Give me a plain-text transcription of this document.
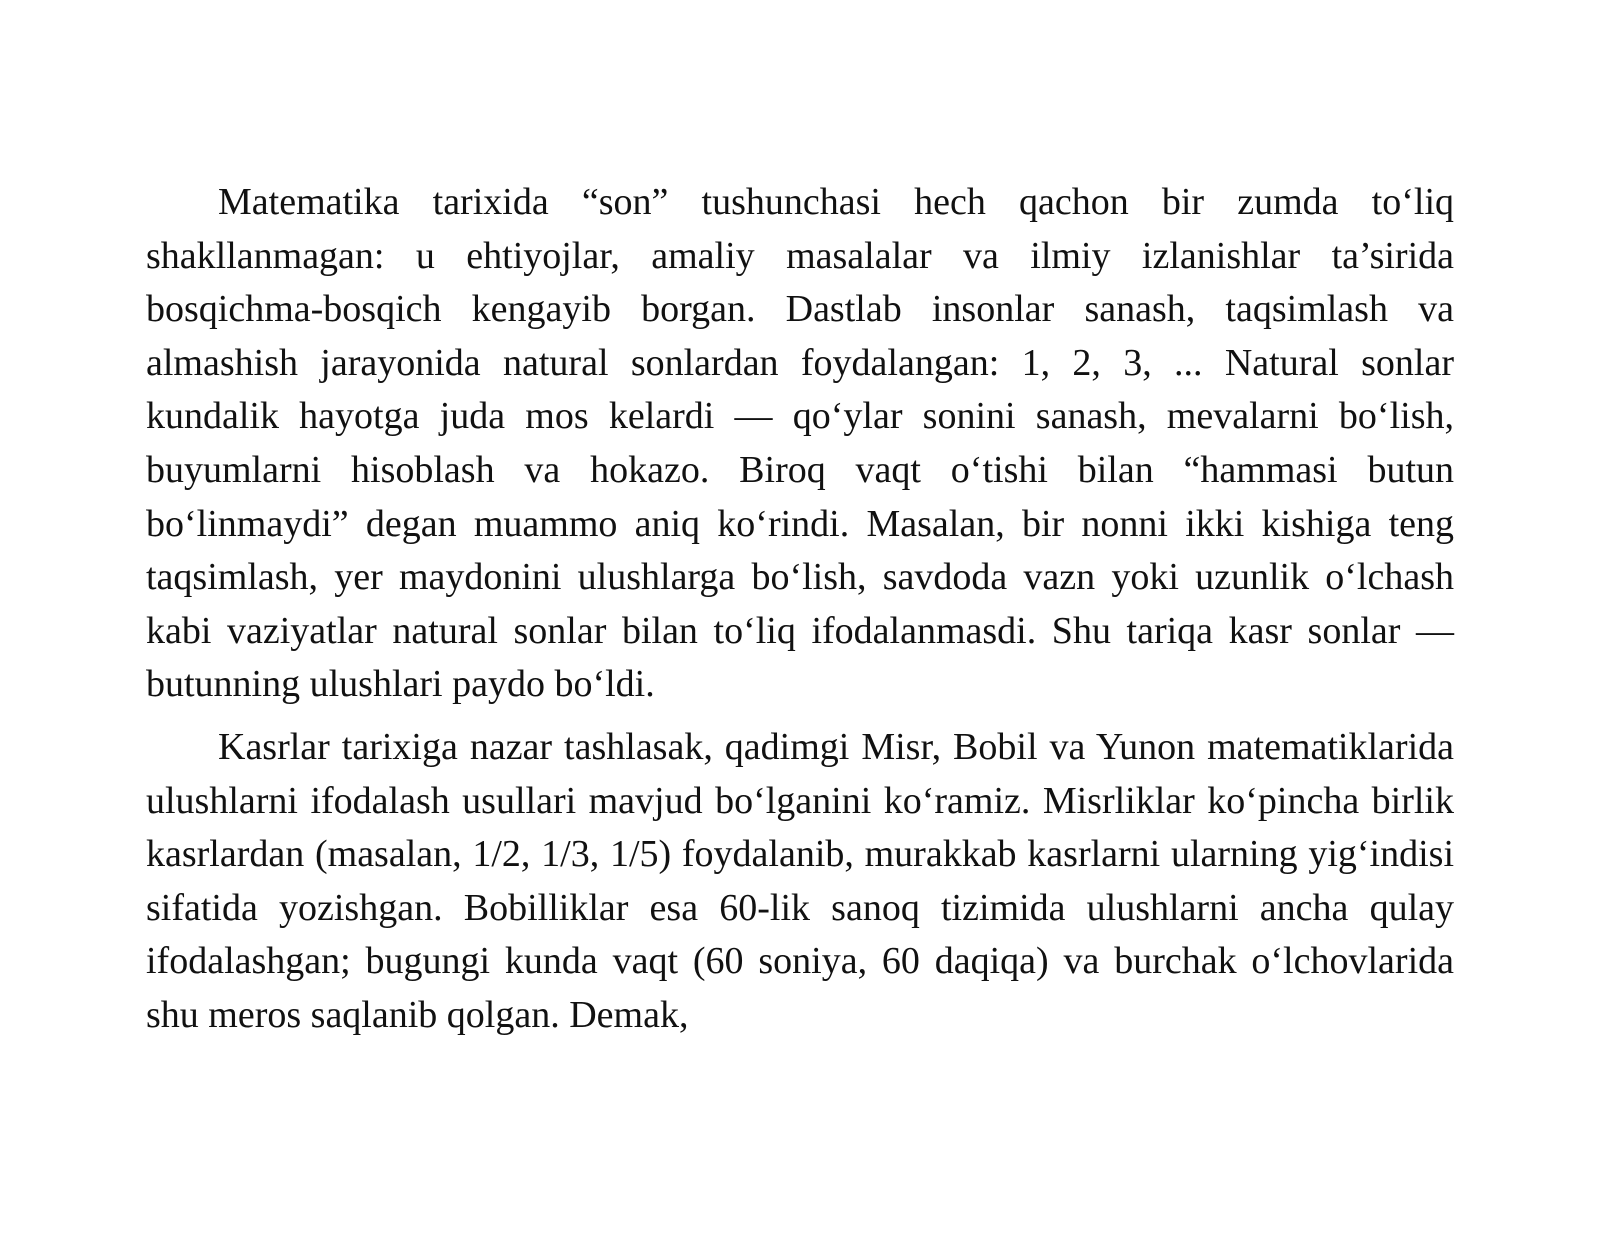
Matematika tarixida “son” tushunchasi hech qachon bir zumda to‘liq shakllanmagan: u ehtiyojlar, amaliy masalalar va ilmiy izlanishlar ta’sirida bosqichma-bosqich kengayib borgan. Dastlab insonlar sanash, taqsimlash va almashish jarayonida natural sonlardan foydalangan: 1, 2, 3, ... Natural sonlar kundalik hayotga juda mos kelardi — qo‘ylar sonini sanash, mevalarni bo‘lish, buyumlarni hisoblash va hokazo. Biroq vaqt o‘tishi bilan “hammasi butun bo‘linmaydi” degan muammo aniq ko‘rindi. Masalan, bir nonni ikki kishiga teng taqsimlash, yer maydonini ulushlarga bo‘lish, savdoda vazn yoki uzunlik o‘lchash kabi vaziyatlar natural sonlar bilan to‘liq ifodalanmasdi. Shu tariqa kasr sonlar — butunning ulushlari paydo bo‘ldi.

Kasrlar tarixiga nazar tashlasak, qadimgi Misr, Bobil va Yunon matematiklarida ulushlarni ifodalash usullari mavjud bo‘lganini ko‘ramiz. Misrliklar ko‘pincha birlik kasrlardan (masalan, 1/2, 1/3, 1/5) foydalanib, murakkab kasrlarni ularning yig‘indisi sifatida yozishgan. Bobilliklar esa 60-lik sanoq tizimida ulushlarni ancha qulay ifodalashgan; bugungi kunda vaqt (60 soniya, 60 daqiqa) va burchak o‘lchovlarida shu meros saqlanib qolgan. Demak,
